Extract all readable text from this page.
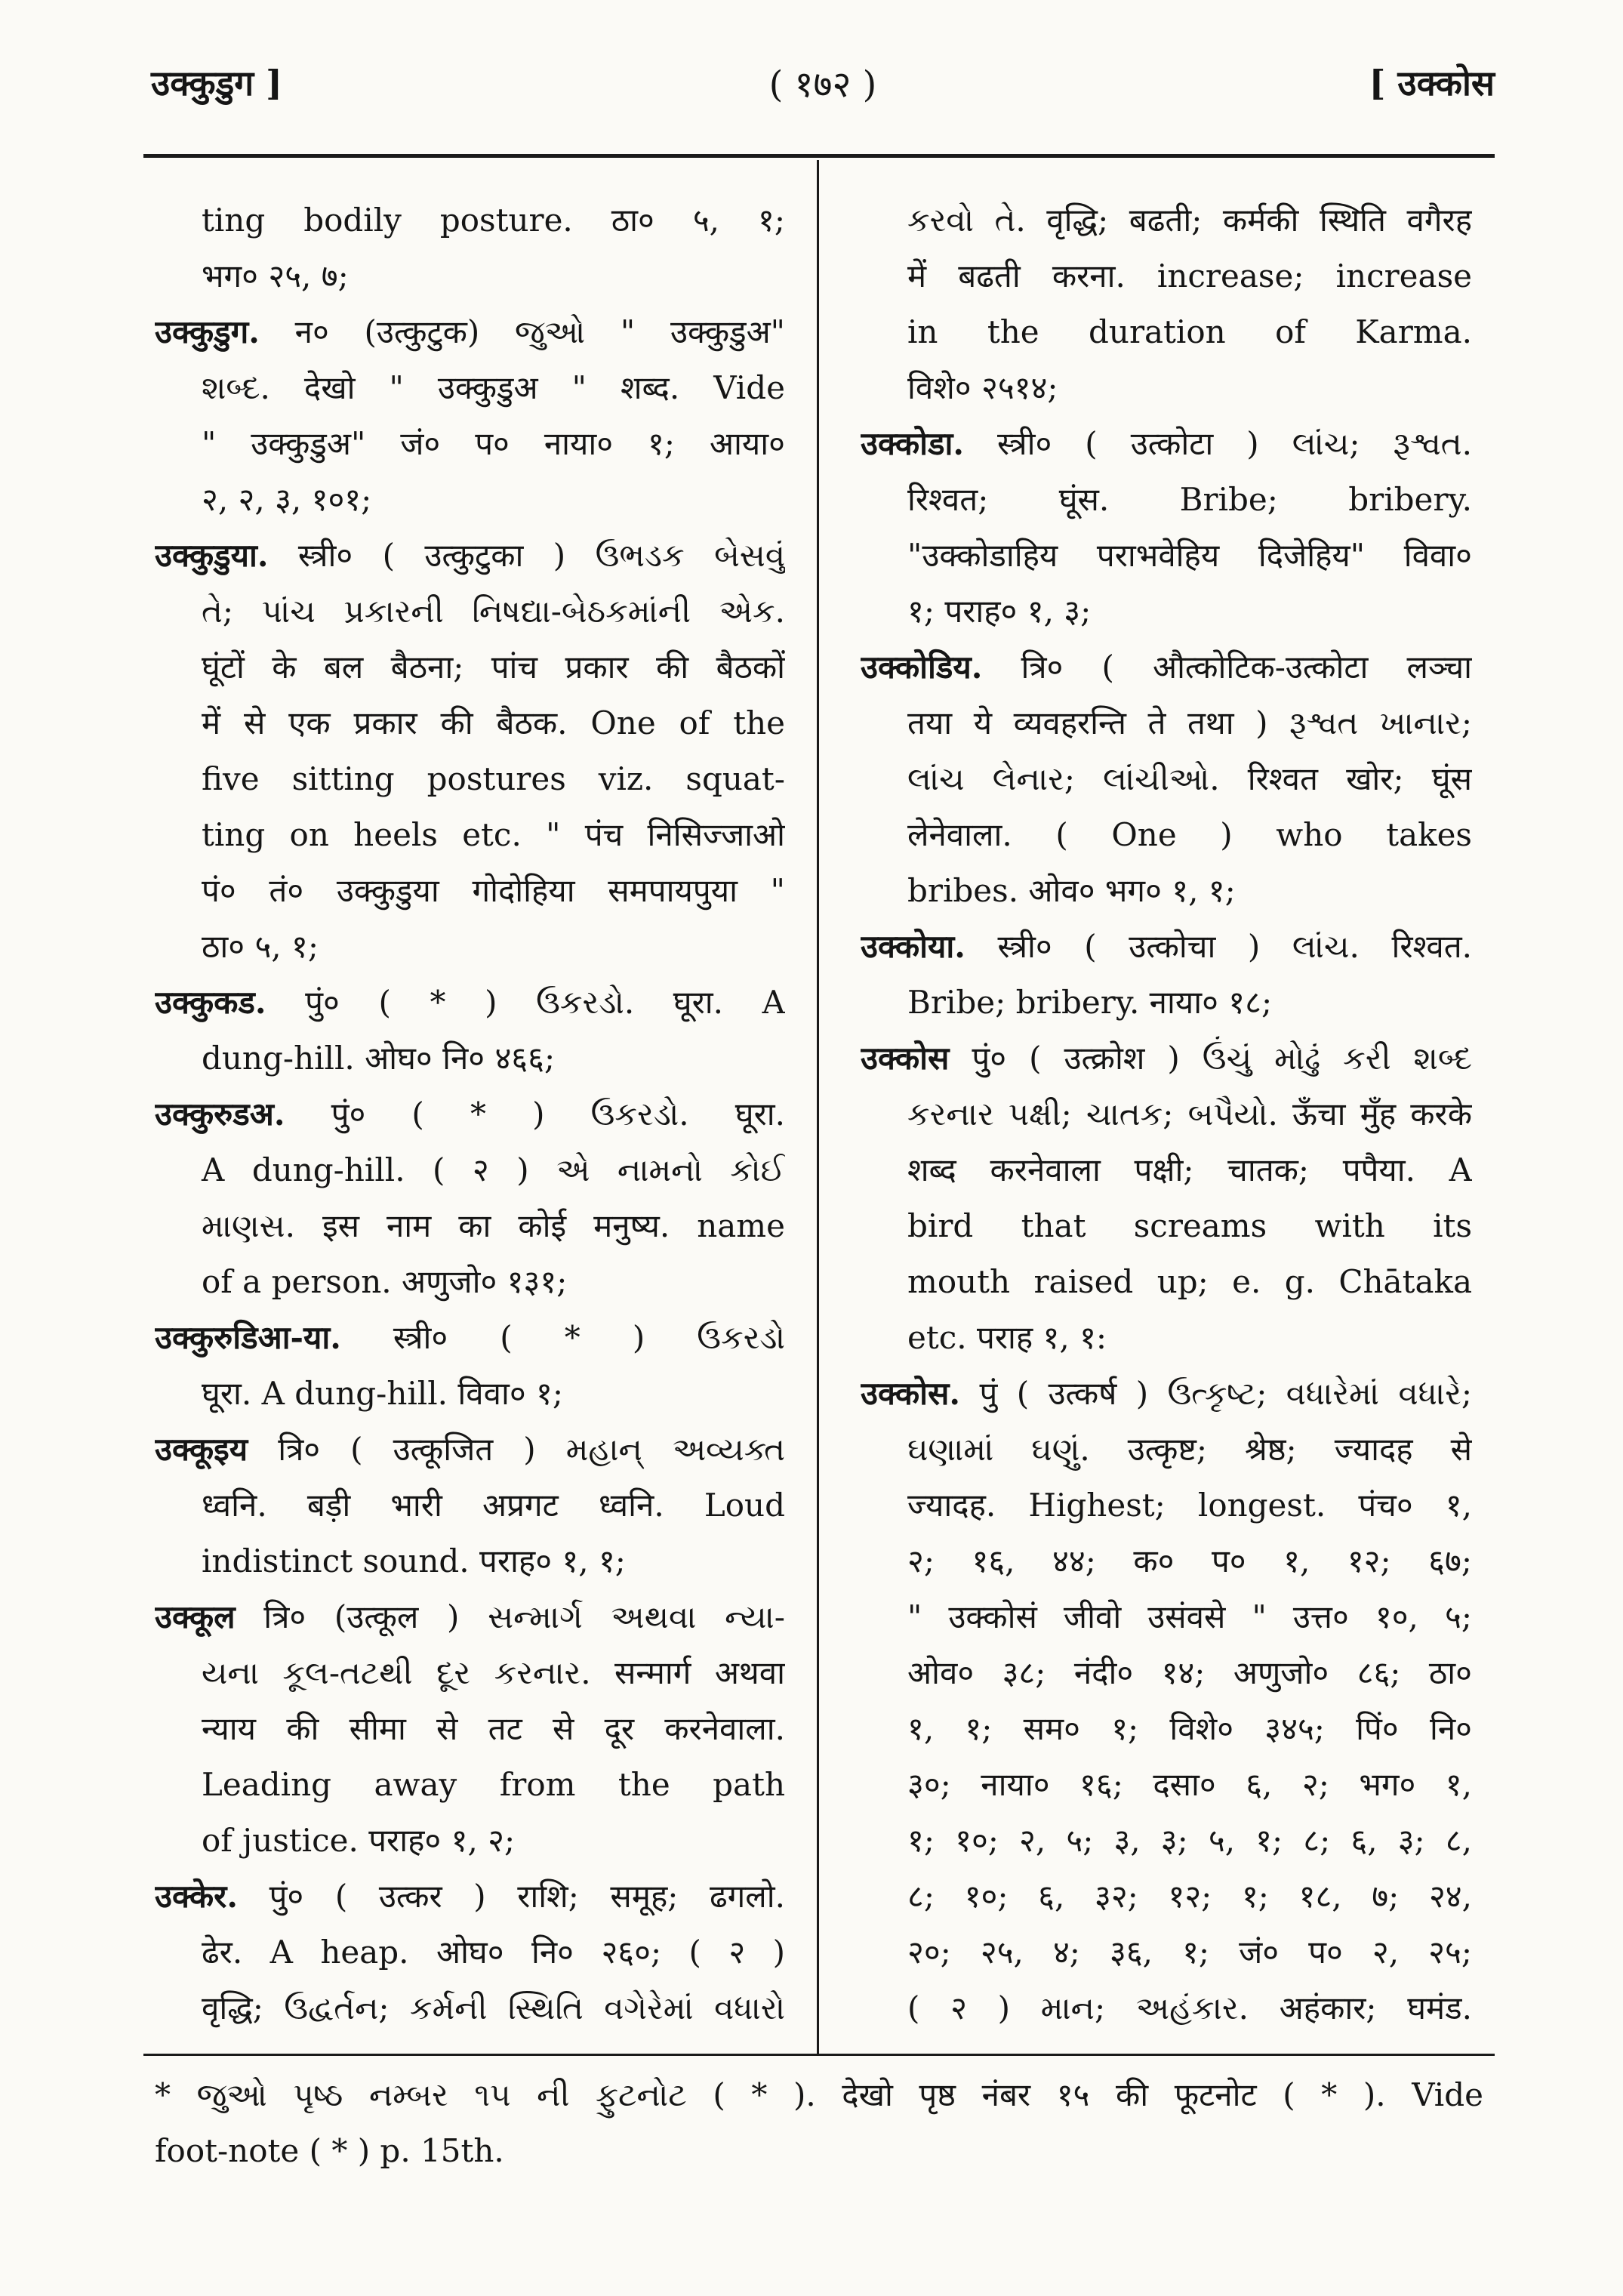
उक्कुडुग ]	( १७२ )	[ उक्कोस
ting bodily posture. ठा० ५, १;
भग० २५, ७;
उक्कुडुग. न० (उत्कुटुक) જુઓ " उक्कुडुअ"
શબ્દ. देखो " उक्कुडुअ " शब्द. Vide
" उक्कुडुअ" जं० प० नाया० १; आया०
२, २, ३, १०१;
उक्कुडुया. स्त्री० ( उत्कुटुका ) ઉભડક બેસવું
તે; પાંચ પ્રકારની નિષદ્યા-બેઠકમાંની એક.
घूंटों के बल बैठना; पांच प्रकार की बैठकों
में से एक प्रकार की बैठक. One of the
five sitting postures viz. squat-
ting on heels etc. " पंच निसिज्जाओ
पं० तं० उक्कुडुया गोदोहिया समपायपुया "
ठा० ५, १;
उक्कुकड. पुं० ( * ) ઉકરડો. घूरा. A
dung-hill. ओघ० नि० ४६६;
उक्कुरुडअ. पुं० ( * ) ઉકરડો. घूरा.
A dung-hill. ( २ ) એ નામનો કોઈ
માણસ. इस नाम का कोई मनुष्य. name
of a person. अणुजो० १३१;
उक्कुरुडिआ-या. स्त्री० ( * ) ઉકરડો
घूरा. A dung-hill. विवा० १;
उक्कूइय त्रि० ( उत्कूजित ) મહાન્ અવ્યક્ત
ध्वनि. बड़ी भारी अप्रगट ध्वनि. Loud
indistinct sound. पराह० १, १;
उक्कूल त्रि० (उत्कूल ) સન્માર્ગ અથવા ન્યા-
યના કૂલ-તટથી દૂર કરનાર. सन्मार्ग अथवा
न्याय की सीमा से तट से दूर करनेवाला.
Leading away from the path
of justice. पराह० १, २;
उक्केर. पुं० ( उत्कर ) राशि; समूह; ढगलो.
ढेर. A heap. ओघ० नि० २६०; ( २ )
वृद्धि; ઉદ્વર્તન; કર્મની સ્થિતિ વગેરેમાં વધારો
કરવો તે. वृद्धि; बढती; कर्मकी स्थिति वगैरह
में बढती करना. increase; increase
in the duration of Karma.
विशे० २५१४;
उक्कोडा. स्त्री० ( उत्कोटा ) લાંચ; રૂશ્વત.
रिश्वत; घूंस. Bribe; bribery.
"उक्कोडाहिय पराभवेहिय दिजेहिय" विवा०
१; पराह० १, ३;
उक्कोडिय. त्रि० ( औत्कोटिक-उत्कोटा लञ्चा
तया ये व्यवहरन्ति ते तथा ) રૂશ્વત ખાનાર;
લાંચ લેનાર; લાંચીઓ. रिश्वत खोर; घूंस
लेनेवाला. ( One ) who takes
bribes. ओव० भग० १, १;
उक्कोया. स्त्री० ( उत्कोचा ) લાંચ. रिश्वत.
Bribe; bribery. नाया० १८;
उक्कोस पुं० ( उत्क्रोश ) ઉંચું મોઢું કરી શબ્દ
કરનાર પક્ષી; ચાતક; બપૈયો. ऊँचा मुँह करके
शब्द करनेवाला पक्षी; चातक; पपैया. A
bird that screams with its
mouth raised up; e. g. Chātaka
etc. पराह १, १:
उक्कोस. पुं ( उत्कर्ष ) ઉત્કૃષ્ટ; વધારેમાં વધારે;
ઘણામાં ઘણું. उत्कृष्ट; श्रेष्ठ; ज्यादह से
ज्यादह. Highest; longest. पंच० १,
२; १६, ४४; क० प० १, १२; ६७;
" उक्कोसं जीवो उसंवसे " उत्त० १०, ५;
ओव० ३८; नंदी० १४; अणुजो० ८६; ठा०
१, १; सम० १; विशे० ३४५; पिं० नि०
३०; नाया० १६; दसा० ६, २; भग० १,
१; १०; २, ५; ३, ३; ५, १; ८; ६, ३; ८,
८; १०; ६, ३२; १२; १; १८, ७; २४,
२०; २५, ४; ३६, १; जं० प० २, २५;
( २ ) માન; અહંકાર. अहंकार; घमंड.
* જુઓ પૃષ્ઠ નમ્બર ૧૫ ની ફુટનોટ ( * ). देखो पृष्ठ नंबर १५ की फूटनोट ( * ). Vide
foot-note ( * ) p. 15th.
